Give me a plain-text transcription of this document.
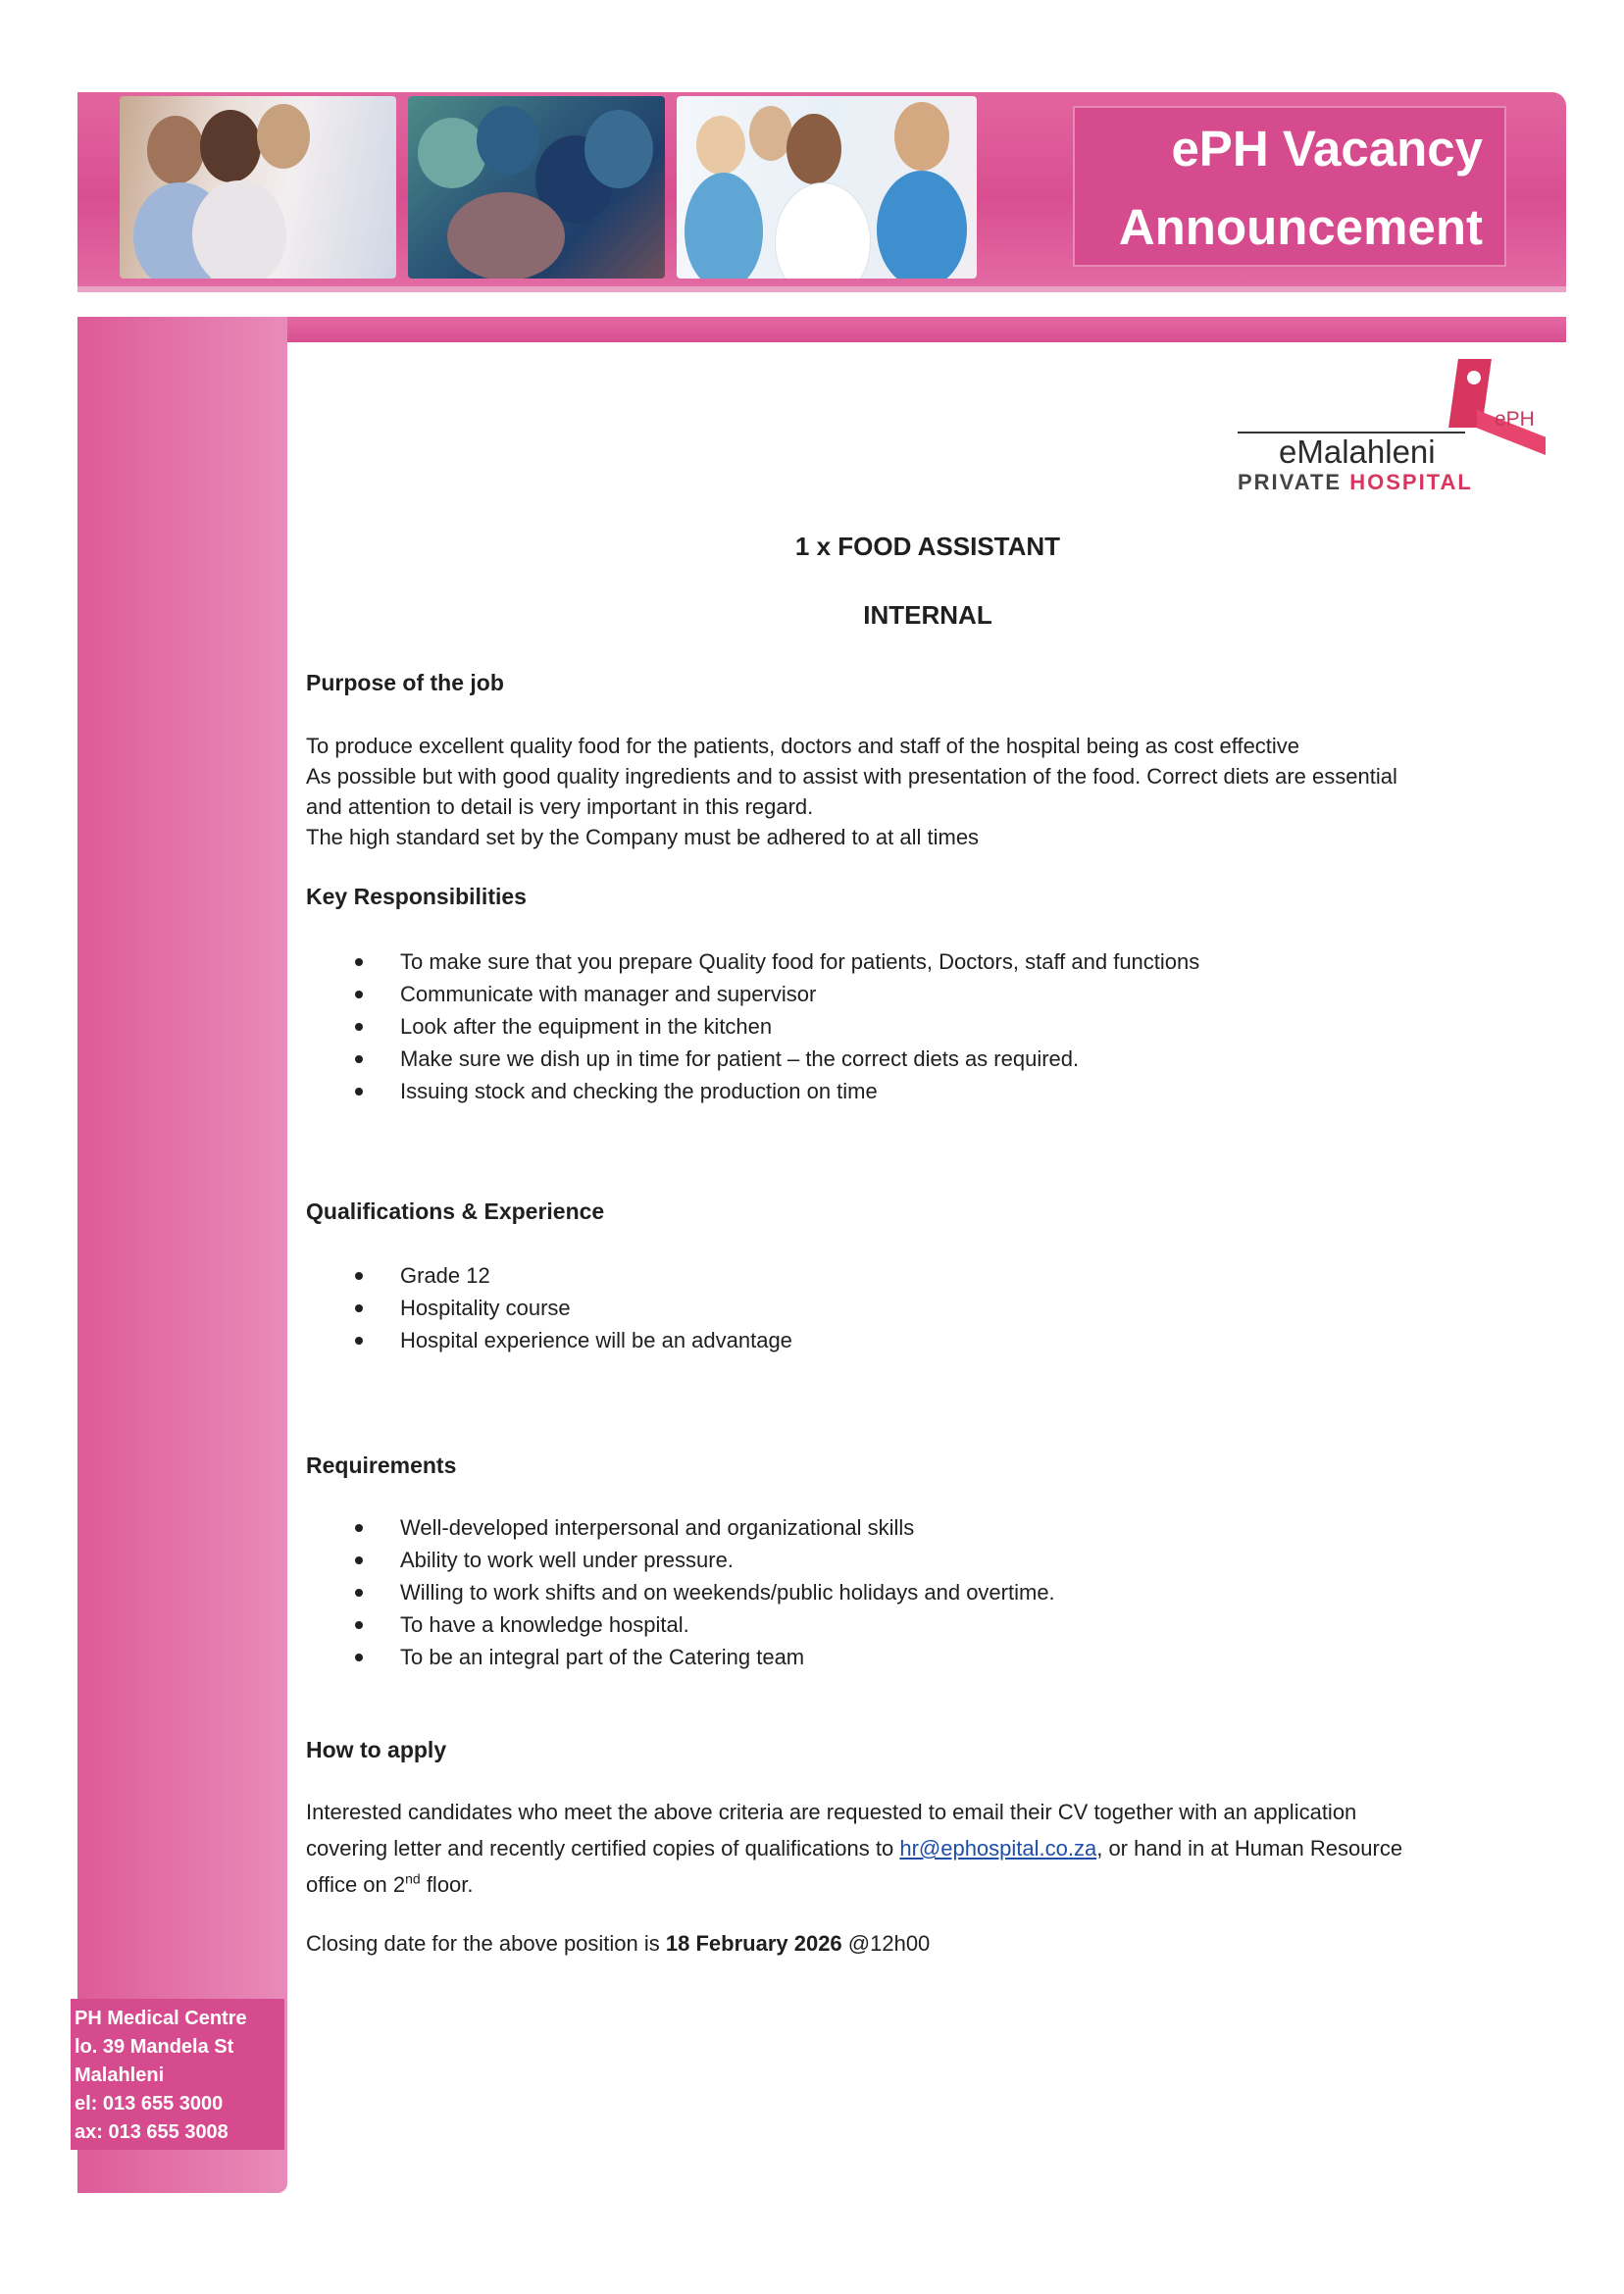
ePH Vacancy
Announcement
ePH
eMalahleni
PRIVATE HOSPITAL
1 x FOOD ASSISTANT
INTERNAL
Purpose of the job
To produce excellent quality food for the patients, doctors and staff of the hospital being as cost effective
As possible but with good quality ingredients and to assist with presentation of the food. Correct diets are essential
and attention to detail is very important in this regard.
The high standard set by the Company must be adhered to at all times
Key Responsibilities
To make sure that you prepare Quality food for patients, Doctors, staff and functions
Communicate with manager and supervisor
Look after the equipment in the kitchen
Make sure we dish up in time for patient – the correct diets as required.
Issuing stock and checking the production on time
Qualifications & Experience
Grade 12
Hospitality course
Hospital experience will be an advantage
Requirements
Well-developed interpersonal and organizational skills
Ability to work well under pressure.
Willing to work shifts and on weekends/public holidays and overtime.
To have a knowledge hospital.
To be an integral part of the Catering team
How to apply
Interested candidates who meet the above criteria are requested to email their CV together with an application
covering letter and recently certified copies of qualifications to hr@ephospital.co.za, or hand in at Human Resource
office on 2nd floor.
Closing date for the above position is 18 February 2026 @12h00
PH Medical Centre
lo. 39 Mandela St
Malahleni
el: 013 655 3000
ax: 013 655 3008
